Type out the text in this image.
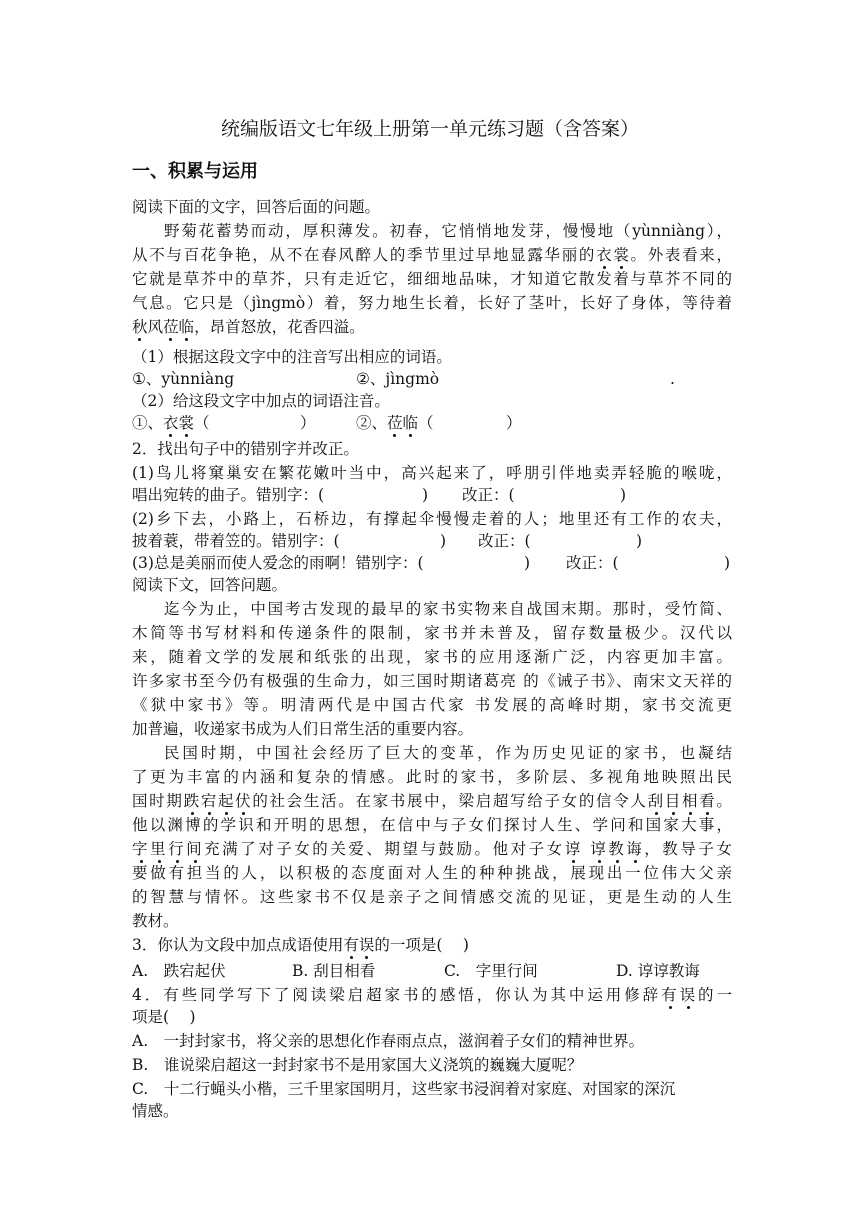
统编版语文七年级上册第一单元练习题（含答案）
一、积累与运用
阅读下面的文字，回答后面的问题。
野菊花蓄势而动，厚积薄发。初春，它悄悄地发芽，慢慢地（yùnniàng），
从不与百花争艳，从不在春风醉人的季节里过早地显露华丽的衣裳。外表看来，
它就是草芥中的草芥，只有走近它，细细地品味，才知道它散发着与草芥不同的
气息。它只是（jìngmò）着，努力地生长着，长好了茎叶，长好了身体，等待着
秋风莅临，昂首怒放，花香四溢。
（1）根据这段文字中的注音写出相应的词语。
①、yùnniàng	②、jìngmò	.
（2）给这段文字中加点的词语注音。
①、衣裳（	）	②、莅临（	）
2．找出句子中的错别字并改正。
(1)鸟儿将窠巢安在繁花嫩叶当中，高兴起来了，呼朋引伴地卖弄轻脆的喉咙，
唱出宛转的曲子。错别字：(	) 改正：(	)
(2)乡下去，小路上，石桥边，有撑起伞慢慢走着的人；地里还有工作的农夫，
披着蓑，带着笠的。错别字：(	) 改正：(	)
(3)总是美丽而使人爱念的雨啊！错别字：(	) 改正：(	)
阅读下文，回答问题。
迄今为止，中国考古发现的最早的家书实物来自战国末期。那时，受竹简、
木简等书写材料和传递条件的限制，家书并未普及，留存数量极少。汉代以
来，随着文学的发展和纸张的出现，家书的应用逐渐广泛，内容更加丰富。
许多家书至今仍有极强的生命力，如三国时期诸葛亮 的《诫子书》、南宋文天祥的
《狱中家书》等。明清两代是中国古代家 书发展的高峰时期，家书交流更
加普遍，收递家书成为人们日常生活的重要内容。
民国时期，中国社会经历了巨大的变革，作为历史见证的家书，也凝结
了更为丰富的内涵和复杂的情感。此时的家书，多阶层、多视角地映照出民
国时期跌宕起伏的社会生活。在家书展中，梁启超写给子女的信令人刮目相看。
他以渊博的学识和开明的思想，在信中与子女们探讨人生、学问和国家大事，
字里行间充满了对子女的关爱、期望与鼓励。他对子女谆 谆教诲，教导子女
要做有担当的人，以积极的态度面对人生的种种挑战，展现出一位伟大父亲
的智慧与情怀。这些家书不仅是亲子之间情感交流的见证，更是生动的人生
教材。
3．你认为文段中加点成语使用有误的一项是(　 )
A.　跌宕起伏	B. 刮目相看	C.　字里行间	D. 谆谆教诲
4．有些同学写下了阅读梁启超家书的感悟，你认为其中运用修辞有误的一
项是(　 )
A.　一封封家书，将父亲的思想化作春雨点点，滋润着子女们的精神世界。
B.　谁说梁启超这一封封家书不是用家国大义浇筑的巍巍大厦呢？
C.　十二行蝇头小楷，三千里家国明月，这些家书浸润着对家庭、对国家的深沉
情感。
